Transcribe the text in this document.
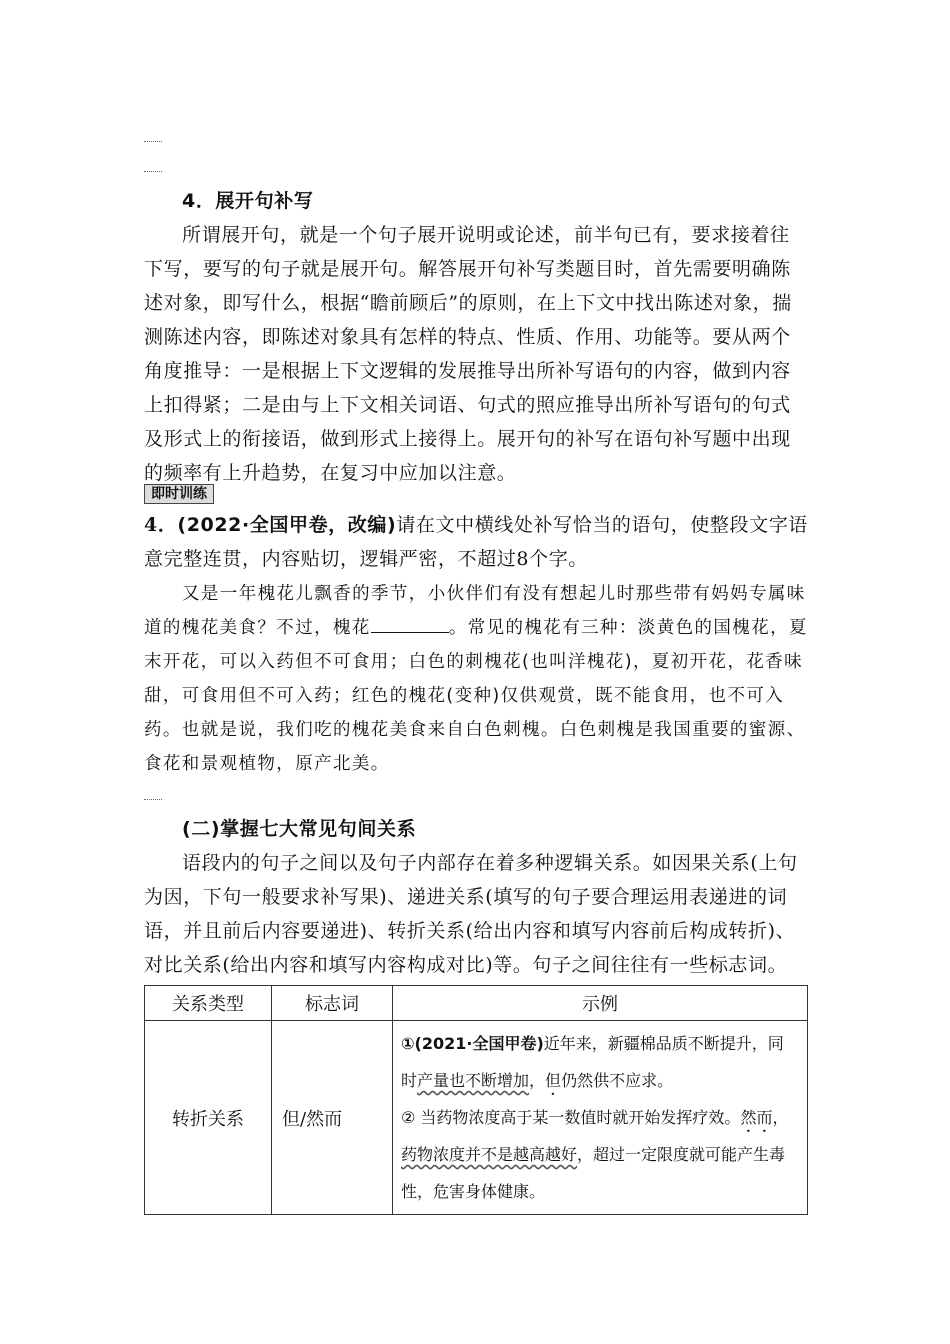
4．展开句补写

所谓展开句，就是一个句子展开说明或论述，前半句已有，要求接着往下写，要写的句子就是展开句。解答展开句补写类题目时，首先需要明确陈述对象，即写什么，根据“瞻前顾后”的原则，在上下文中找出陈述对象，揣测陈述内容，即陈述对象具有怎样的特点、性质、作用、功能等。要从两个角度推导：一是根据上下文逻辑的发展推导出所补写语句的内容，做到内容上扣得紧；二是由与上下文相关词语、句式的照应推导出所补写语句的句式及形式上的衔接语，做到形式上接得上。展开句的补写在语句补写题中出现的频率有上升趋势，在复习中应加以注意。

即时训练

4．(2022·全国甲卷，改编)请在文中横线处补写恰当的语句，使整段文字语意完整连贯，内容贴切，逻辑严密，不超过8个字。

又是一年槐花儿飘香的季节，小伙伴们有没有想起儿时那些带有妈妈专属味道的槐花美食？不过，槐花	。常见的槐花有三种：淡黄色的国槐花，夏末开花，可以入药但不可食用；白色的刺槐花(也叫洋槐花)，夏初开花，花香味甜，可食用但不可入药；红色的槐花(变种)仅供观赏，既不能食用，也不可入药。也就是说，我们吃的槐花美食来自白色刺槐。白色刺槐是我国重要的蜜源、食花和景观植物，原产北美。

(二)掌握七大常见句间关系

语段内的句子之间以及句子内部存在着多种逻辑关系。如因果关系(上句为因，下句一般要求补写果)、递进关系(填写的句子要合理运用表递进的词语，并且前后内容要递进)、转折关系(给出内容和填写内容前后构成转折)、对比关系(给出内容和填写内容构成对比)等。句子之间往往有一些标志词。

关系类型	标志词	示例
转折关系	但/然而	①(2021·全国甲卷)近年来，新疆棉品质不断提升，同时产量也不断增加，但仍然供不应求。
② 当药物浓度高于某一数值时就开始发挥疗效。然而，药物浓度并不是越高越好，超过一定限度就可能产生毒性，危害身体健康。
